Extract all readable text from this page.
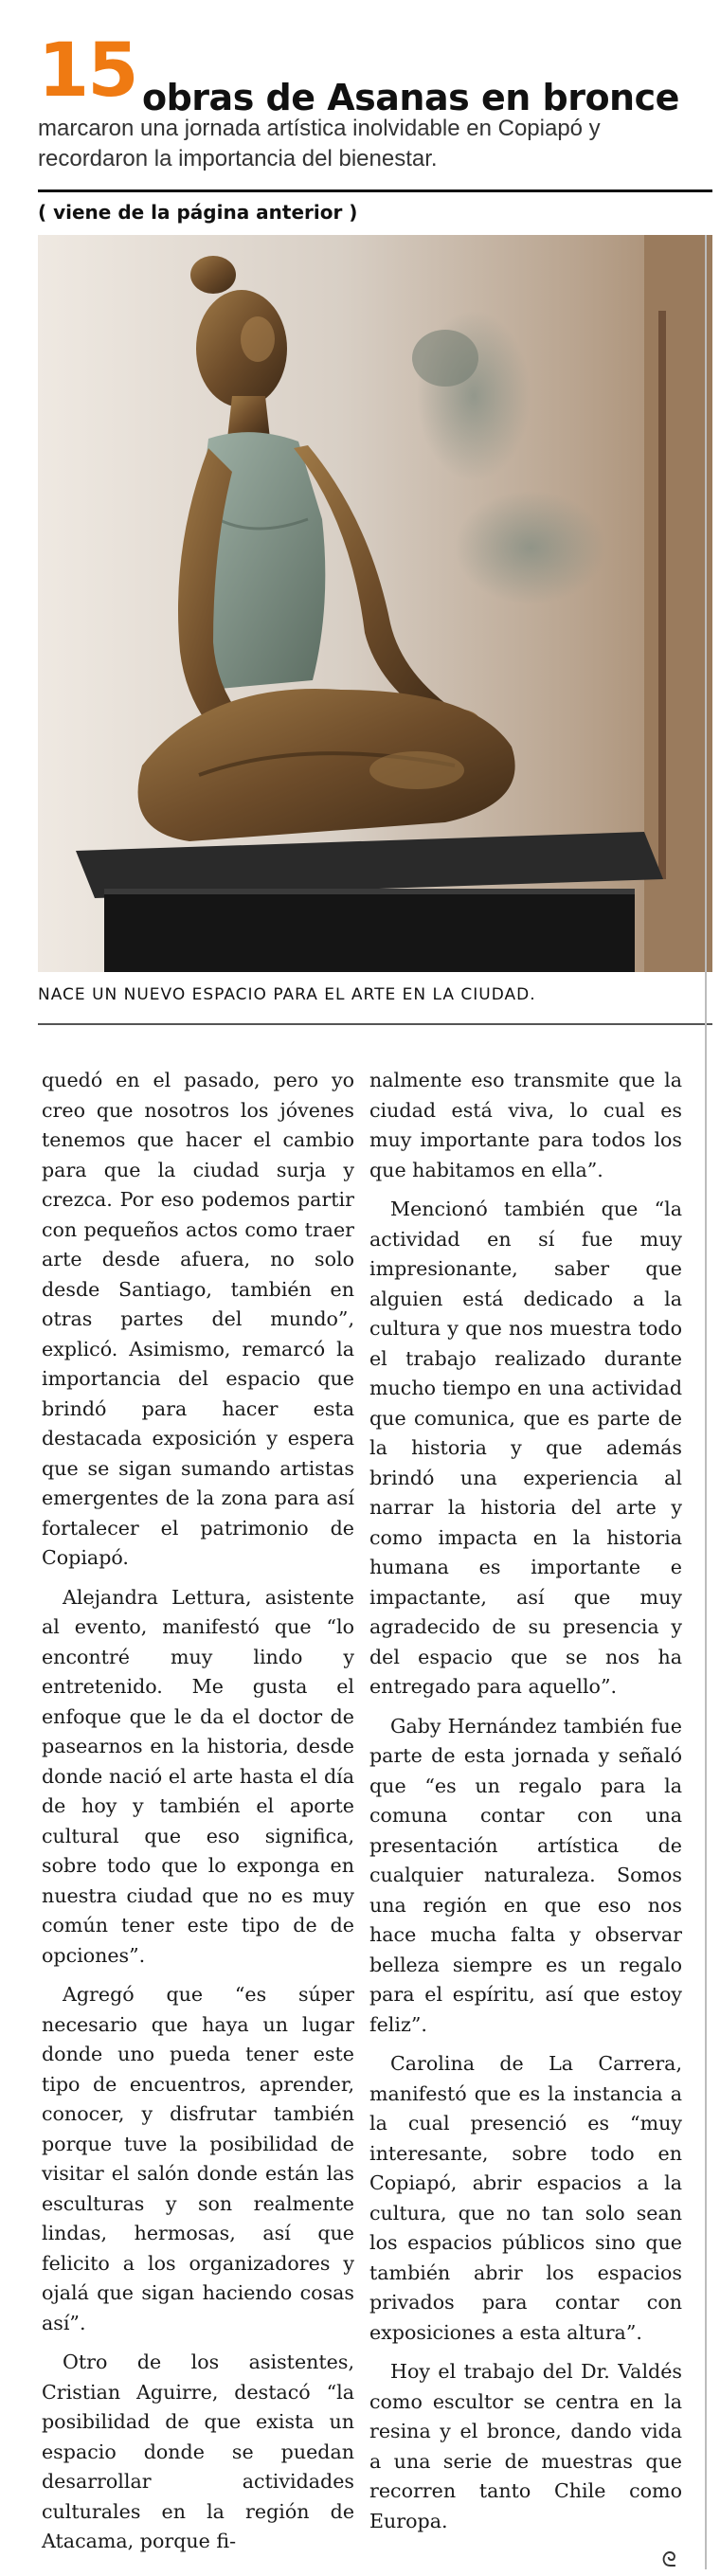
15 obras de Asanas en bronce
marcaron una jornada artística inolvidable en Copiapó y recordaron la importancia del bienestar.
( viene de la página anterior )
NACE UN NUEVO ESPACIO PARA EL ARTE EN LA CIUDAD.

quedó en el pasado, pero yo creo que nosotros los jóvenes tenemos que hacer el cambio para que la ciudad surja y crezca. Por eso podemos partir con pequeños actos como traer arte desde afuera, no solo desde Santiago, también en otras partes del mundo”, explicó. Asimismo, remarcó la importancia del espacio que brindó para hacer esta destacada exposición y espera que se sigan sumando artistas emergentes de la zona para así fortalecer el patrimonio de Copiapó.

Alejandra Lettura, asistente al evento, manifestó que “lo encontré muy lindo y entretenido. Me gusta el enfoque que le da el doctor de pasearnos en la historia, desde donde nació el arte hasta el día de hoy y también el aporte cultural que eso significa, sobre todo que lo exponga en nuestra ciudad que no es muy común tener este tipo de de opciones”.

Agregó que “es súper necesario que haya un lugar donde uno pueda tener este tipo de encuentros, aprender, conocer, y disfrutar también porque tuve la posibilidad de visitar el salón donde están las esculturas y son realmente lindas, hermosas, así que felicito a los organizadores y ojalá que sigan haciendo cosas así”.

Otro de los asistentes, Cristian Aguirre, destacó “la posibilidad de que exista un espacio donde se puedan desarrollar actividades culturales en la región de Atacama, porque fi-

nalmente eso transmite que la ciudad está viva, lo cual es muy importante para todos los que habitamos en ella”.

Mencionó también que “la actividad en sí fue muy impresionante, saber que alguien está dedicado a la cultura y que nos muestra todo el trabajo realizado durante mucho tiempo en una actividad que comunica, que es parte de la historia y que además brindó una experiencia al narrar la historia del arte y como impacta en la historia humana es importante e impactante, así que muy agradecido de su presencia y del espacio que se nos ha entregado para aquello”.

Gaby Hernández también fue parte de esta jornada y señaló que “es un regalo para la comuna contar con una presentación artística de cualquier naturaleza. Somos una región en que eso nos hace mucha falta y observar belleza siempre es un regalo para el espíritu, así que estoy feliz”.

Carolina de La Carrera, manifestó que es la instancia a la cual presenció es “muy interesante, sobre todo en Copiapó, abrir espacios a la cultura, que no tan solo sean los espacios públicos sino que también abrir los espacios privados para contar con exposiciones a esta altura”.

Hoy el trabajo del Dr. Valdés como escultor se centra en la resina y el bronce, dando vida a una serie de muestras que recorren tanto Chile como Europa.

ᘓ
